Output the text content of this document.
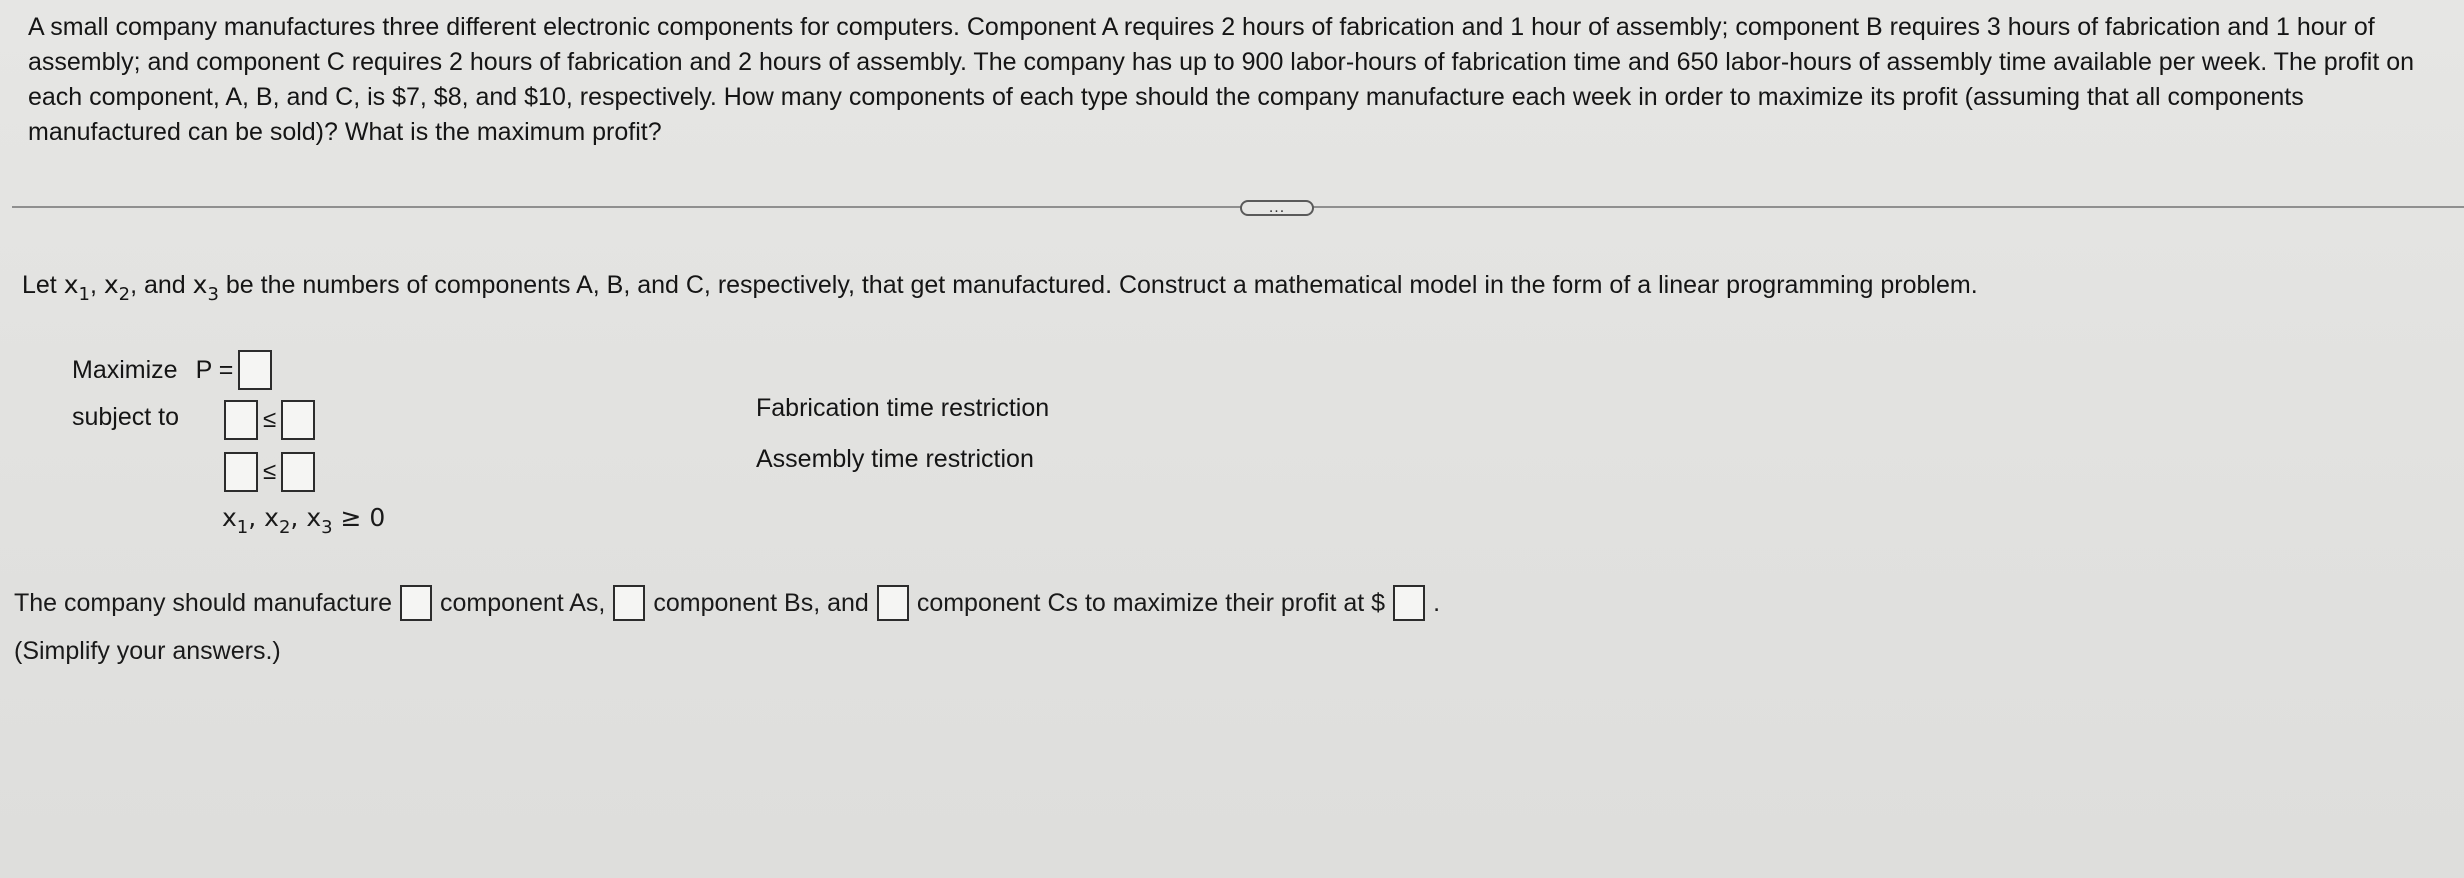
A small company manufactures three different electronic components for computers. Component A requires 2 hours of fabrication and 1 hour of assembly; component B requires 3 hours of fabrication and 1 hour of assembly; and component C requires 2 hours of fabrication and 2 hours of assembly. The company has up to 900 labor-hours of fabrication time and 650 labor-hours of assembly time available per week. The profit on each component, A, B, and C, is $7, $8, and $10, respectively. How many components of each type should the company manufacture each week in order to maximize its profit (assuming that all components manufactured can be sold)? What is the maximum profit?
...
Let $x_1$, $x_2$, and $x_3$ be the numbers of components A, B, and C, respectively, that get manufactured. Construct a mathematical model in the form of a linear programming problem.
Maximize P =
subject to	≤
≤
Fabrication time restriction
Assembly time restriction
$x_1$, $x_2$, $x_3 \ge 0$
The company should manufacture component As, component Bs, and component Cs to maximize their profit at $ .
(Simplify your answers.)
